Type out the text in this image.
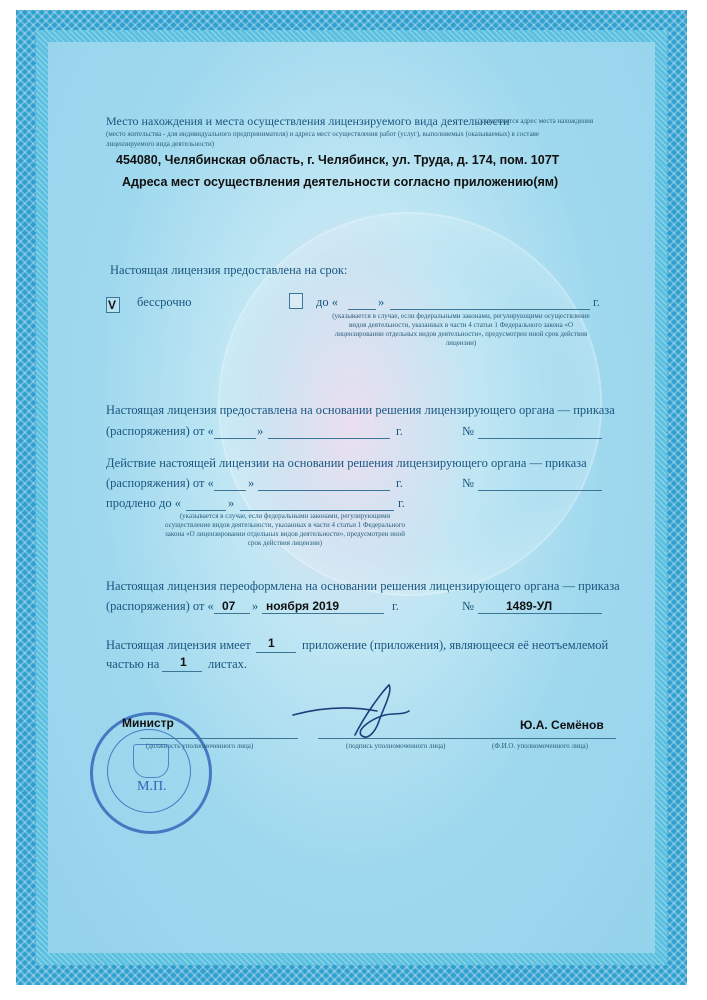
Место нахождения и места осуществления лицензируемого вида деятельности
(указываются адрес места нахождения
(место жительства - для индивидуального предпринимателя) и адреса мест осуществления работ (услуг), выполняемых (оказываемых) в составе
лицензируемого вида деятельности)
454080, Челябинская область, г. Челябинск, ул. Труда, д. 174, пом. 107Т
Адреса мест осуществления деятельности согласно приложению(ям)
Настоящая лицензия предоставлена на срок:
V бессрочно	до «	»	г.
(указывается в случае, если федеральными законами, регулирующими осуществление видов деятельности, указанных в части 4 статьи 1 Федерального закона «О лицензировании отдельных видов деятельности», предусмотрен иной срок действия лицензии)
Настоящая лицензия предоставлена на основании решения лицензирующего органа — приказа
(распоряжения) от «	»	г.	№
Действие настоящей лицензии на основании решения лицензирующего органа — приказа
(распоряжения) от «	»	г.	№
продлено до «	»	г.
(указывается в случае, если федеральными законами, регулирующими осуществление видов деятельности, указанных в части 4 статьи 1 Федерального закона «О лицензировании отдельных видов деятельности», предусмотрен иной срок действия лицензии)
Настоящая лицензия переоформлена на основании решения лицензирующего органа — приказа
(распоряжения) от « 07 » ноября 2019	г.	№	1489-УЛ
Настоящая лицензия имеет 1 приложение (приложения), являющееся её неотъемлемой
частью на 1 листах.
М.П.
Министр
(должность уполномоченного лица)	(подпись уполномоченного лица)
Ю.А. Семёнов
(Ф.И.О. уполномоченного лица)
